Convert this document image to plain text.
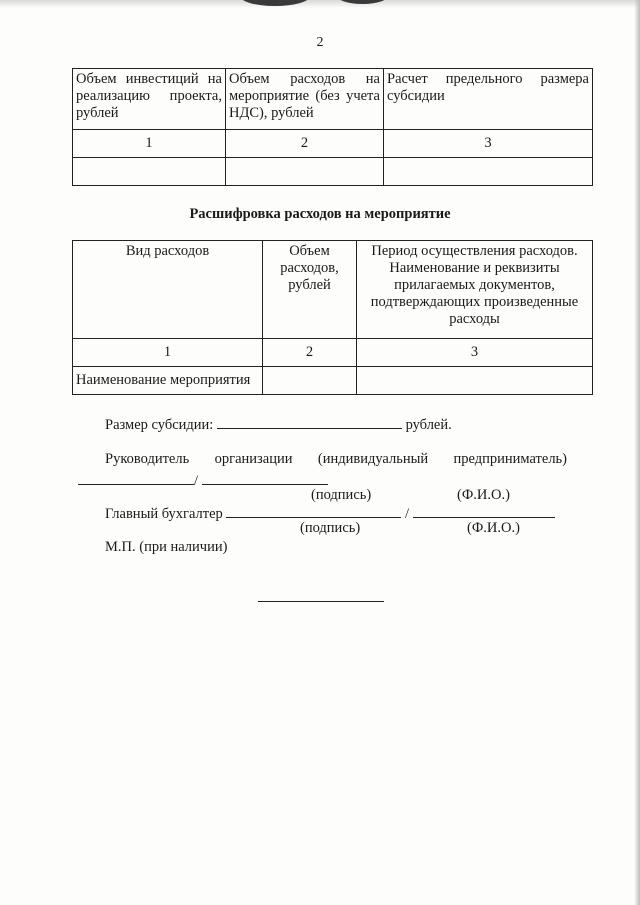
2
Объем инвестиций на реализацию проекта, рублей	Объем расходов на мероприятие (без учета НДС), рублей	Расчет предельного размера субсидии
1	2	3

Расшифровка расходов на мероприятие
Вид расходов	Объем расходов, рублей	Период осуществления расходов. Наименование и реквизиты прилагаемых документов, подтверждающих произведенные расходы
1	2	3
Наименование мероприятия		
Размер субсидии:	рублей.
Руководитель организации (индивидуальный предприниматель)
/
(подпись)	(Ф.И.О.)
Главный бухгалтер	/
(подпись)	(Ф.И.О.)
М.П. (при наличии)
